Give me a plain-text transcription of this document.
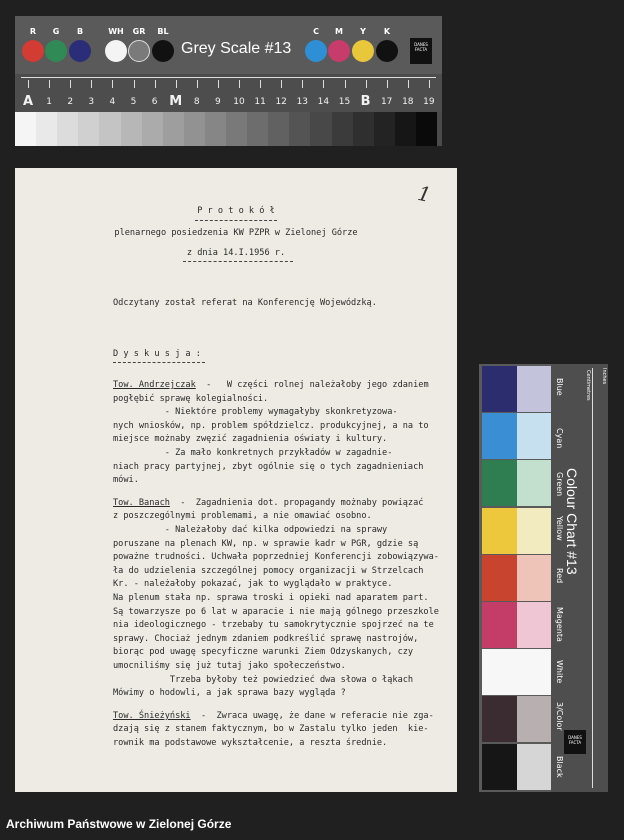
Grey Scale #13	DANES FACTA
R	G	B	WH	GR	BL	C	M	Y	K
A	1	2	3	4	5	6 M	8	9	10	11	12	13	14	15 B	17	18	19
1
P r o t o k ó ł
plenarnego posiedzenia KW PZPR w Zielonej Górze
z dnia 14.I.1956 r.
Odczytany został referat na Konferencję Wojewódzką.
D y s k u s j a :
Tow. Andrzejczak  -   W części rolnej należałoby jego zdaniem
pogłębić sprawę kolegialności.
- Niektóre problemy wymagałyby skonkretyzowa-
nych wniosków, np. problem spółdzielcz. produkcyjnej, a na to
miejsce możnaby zwęzić zagadnienia oświaty i kultury.
- Za mało konkretnych przykładów w zagadnie-
niach pracy partyjnej, zbyt ogólnie się o tych zagadnieniach
mówi.
Tow. Banach  -  Zagadnienia dot. propagandy możnaby powiązać
z poszczególnymi problemami, a nie omawiać osobno.
- Należałoby dać kilka odpowiedzi na sprawy
poruszane na plenach KW, np. w sprawie kadr w PGR, gdzie są
poważne trudności. Uchwała poprzedniej Konferencji zobowiązywa-
ła do udzielenia szczególnej pomocy organizacji w Strzelcach
Kr. - należałoby pokazać, jak to wyglądało w praktyce.
Na plenum stała np. sprawa troski i opieki nad aparatem part.
Są towarzysze po 6 lat w aparacie i nie mają gólnego przeszkole
nia ideologicznego - trzebaby tu samokrytycznie spojrzeć na te
sprawy. Chociaż jednym zdaniem podkreślić sprawę nastrojów,
biorąc pod uwagę specyficzne warunki Ziem Odzyskanych, czy
umocniliśmy się już tutaj jako społeczeństwo.
Trzeba byłoby też powiedzieć dwa słowa o łąkach
Mówimy o hodowli, a jak sprawa bazy wygląda ?
Tow. Śnieżyński  -  Zwraca uwagę, że dane w referacie nie zga-
dzają się z stanem faktycznym, bo w Zastalu tylko jeden  kie-
rownik ma podstawowe wykształcenie, a reszta średnie.
Colour Chart #13
Inches
Centimetres
Blue
Cyan
Green
Yellow
Red
Magenta
White
3/Color
Black
DANES FACTA
Archiwum Państwowe w Zielonej Górze
